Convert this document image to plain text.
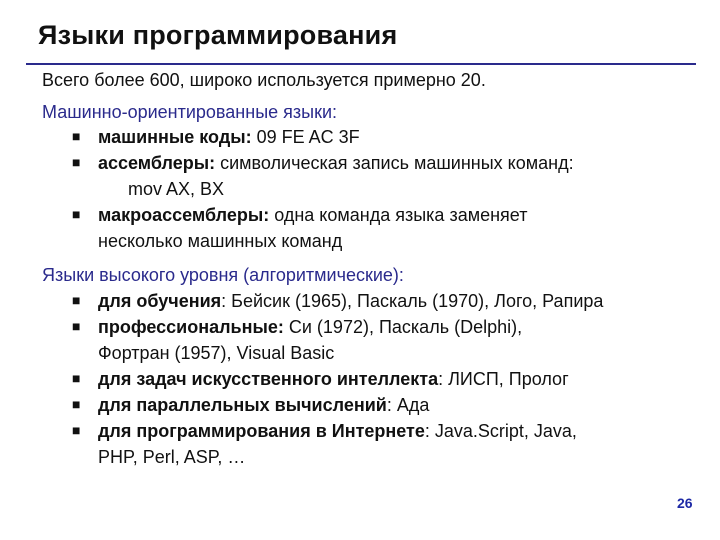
Языки программирования
Всего более 600, широко используется примерно 20.
Машинно-ориентированные языки:
■ машинные коды: 09 FE AC 3F
■ ассемблеры: символическая запись машинных команд:
mov AX, BX
■ макроассемблеры: одна команда языка заменяет
несколько машинных команд
Языки высокого уровня (алгоритмические):
■ для обучения: Бейсик (1965), Паскаль (1970), Лого, Рапира
■ профессиональные: Си (1972), Паскаль (Delphi),
Фортран (1957), Visual Basic
■ для задач искусственного интеллекта: ЛИСП, Пролог
■ для параллельных вычислений: Ада
■ для программирования в Интернете: Java.Script, Java,
PHP, Perl, ASP, …
26
